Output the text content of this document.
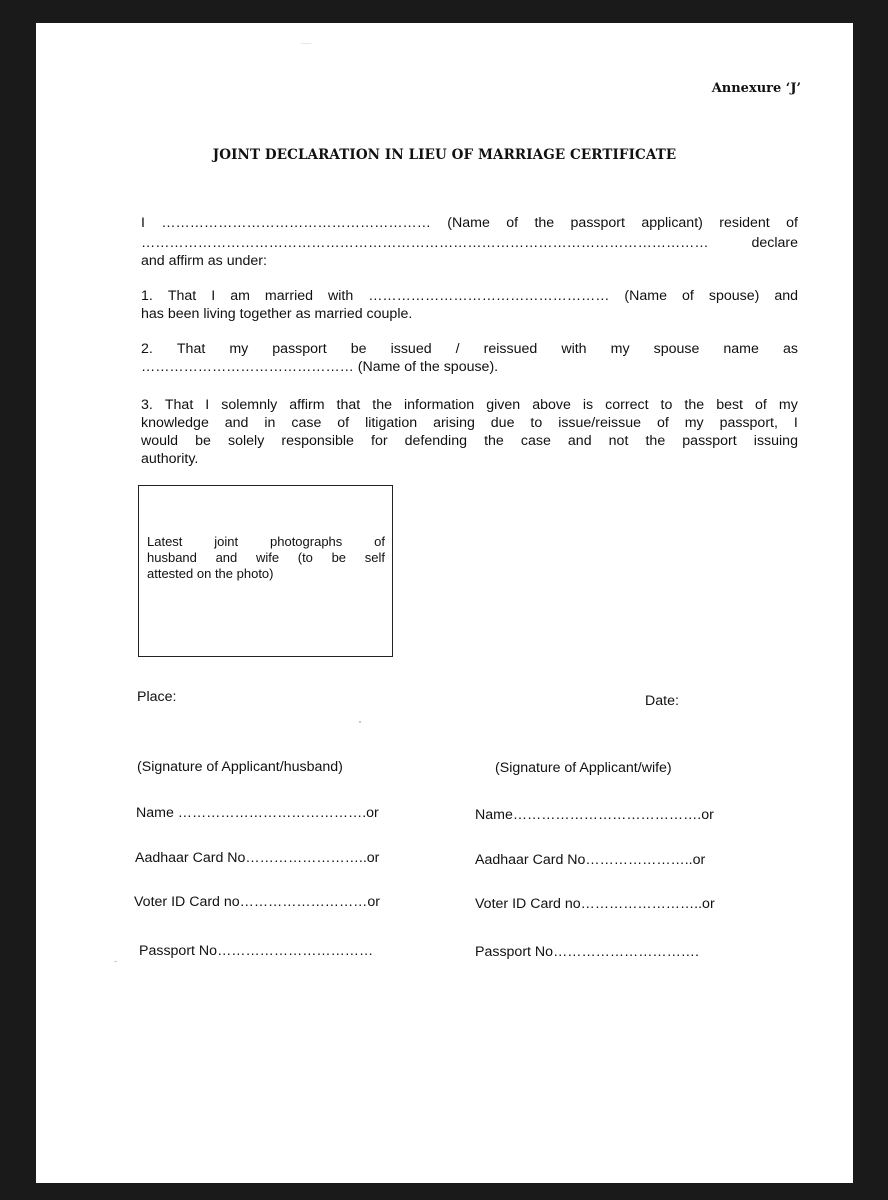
Annexure ‘J’
JOINT DECLARATION IN LIEU OF MARRIAGE CERTIFICATE
I ………………………………………………… (Name of the passport applicant) resident of
…………………………………………………………………………………………………………	declare
and affirm as under:
1. That I am married with …………………………………………… (Name of spouse) and
has been living together as married couple.
2. That my passport be issued / reissued with my spouse name as
……………………………………… (Name of the spouse).
3. That I solemnly affirm that the information given above is correct to the best of my
knowledge and in case of litigation arising due to issue/reissue of my passport, I
would be solely responsible for defending the case and not the passport issuing
authority.
Latest joint photographs of
husband and wife (to be self
attested on the photo)
Place:	Date:
(Signature of Applicant/husband)
Name ………………………………….or
Aadhaar Card No……………………..or
Voter ID Card no………………………or
Passport No……………………………
(Signature of Applicant/wife)
Name………………………………….or
Aadhaar Card No…………………..or
Voter ID Card no……………………..or
Passport No………………………….
